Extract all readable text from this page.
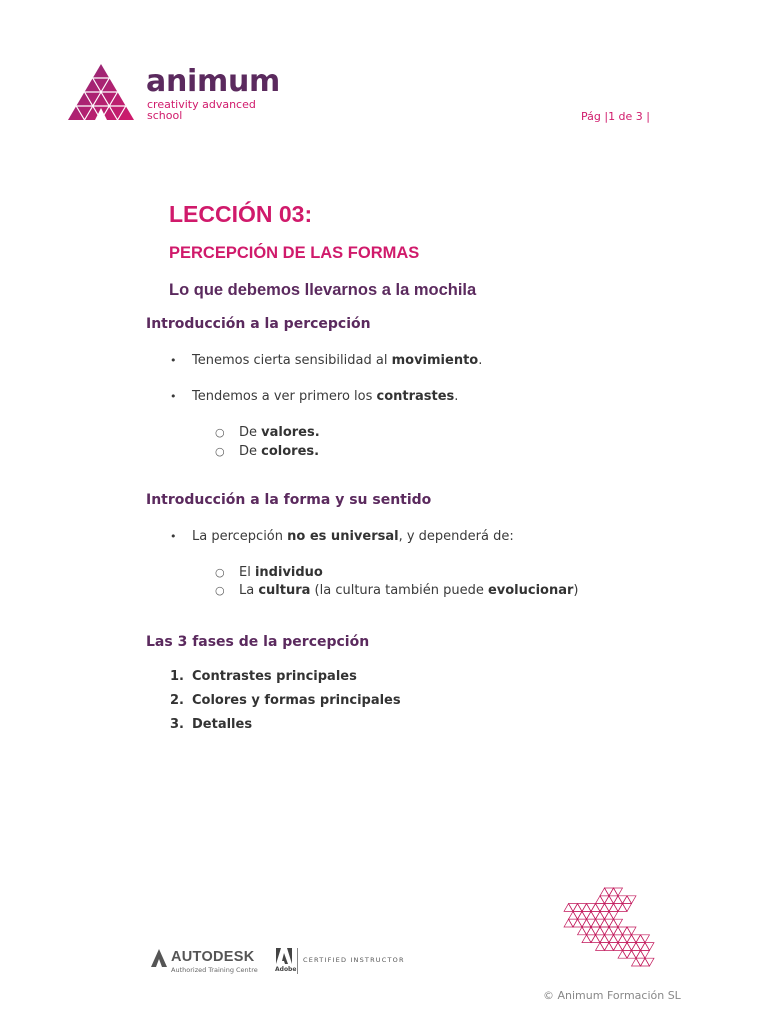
animum
creativity advanced school	Pág |1 de 3 |
LECCIÓN 03:
PERCEPCIÓN DE LAS FORMAS
Lo que debemos llevarnos a la mochila
Introducción a la percepción
• Tenemos cierta sensibilidad al movimiento.
• Tendemos a ver primero los contrastes.
○ De valores.
○ De colores.
Introducción a la forma y su sentido
• La percepción no es universal, y dependerá de:
○ El individuo
○ La cultura (la cultura también puede evolucionar)
Las 3 fases de la percepción
1. Contrastes principales
2. Colores y formas principales
3. Detalles
AUTODESK
Authorized Training Centre	Adobe
CERTIFIED INSTRUCTOR
© Animum Formación SL
